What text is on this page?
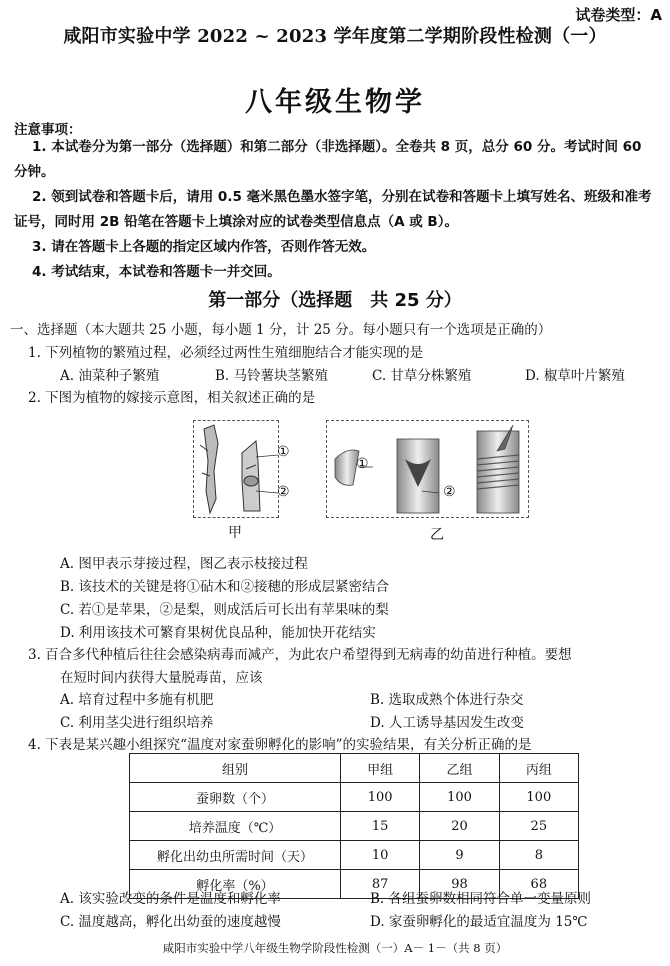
试卷类型：A
咸阳市实验中学 2022 ~ 2023 学年度第二学期阶段性检测（一）
八年级生物学
注意事项：
1. 本试卷分为第一部分（选择题）和第二部分（非选择题）。全卷共 8 页，总分 60 分。考试时间 60 分钟。
2. 领到试卷和答题卡后，请用 0.5 毫米黑色墨水签字笔，分别在试卷和答题卡上填写姓名、班级和准考证号，同时用 2B 铅笔在答题卡上填涂对应的试卷类型信息点（A 或 B）。
3. 请在答题卡上各题的指定区域内作答，否则作答无效。
4. 考试结束，本试卷和答题卡一并交回。
第一部分（选择题　共 25 分）
一、选择题（本大题共 25 小题，每小题 1 分，计 25 分。每小题只有一个选项是正确的）
1. 下列植物的繁殖过程，必须经过两性生殖细胞结合才能实现的是
A. 油菜种子繁殖	B. 马铃薯块茎繁殖	C. 甘草分株繁殖	D. 椒草叶片繁殖
2. 下图为植物的嫁接示意图，相关叙述正确的是
①
②
甲
①
②
乙
A. 图甲表示芽接过程，图乙表示枝接过程
B. 该技术的关键是将①砧木和②接穗的形成层紧密结合
C. 若①是苹果，②是梨，则成活后可长出有苹果味的梨
D. 利用该技术可繁育果树优良品种，能加快开花结实
3. 百合多代种植后往往会感染病毒而减产，为此农户希望得到无病毒的幼苗进行种植。要想
在短时间内获得大量脱毒苗，应该
A. 培育过程中多施有机肥	B. 选取成熟个体进行杂交
C. 利用茎尖进行组织培养	D. 人工诱导基因发生改变
4. 下表是某兴趣小组探究“温度对家蚕卵孵化的影响”的实验结果，有关分析正确的是
组别	甲组	乙组	丙组
蚕卵数（个）	100	100	100
培养温度（℃）	15	20	25
孵化出幼虫所需时间（天）	10	9	8
孵化率（%）	87	98	68
A. 该实验改变的条件是温度和孵化率	B. 各组蚕卵数相同符合单一变量原则
C. 温度越高，孵化出幼蚕的速度越慢	D. 家蚕卵孵化的最适宜温度为 15℃
咸阳市实验中学八年级生物学阶段性检测（一）A－ 1－（共 8 页）
